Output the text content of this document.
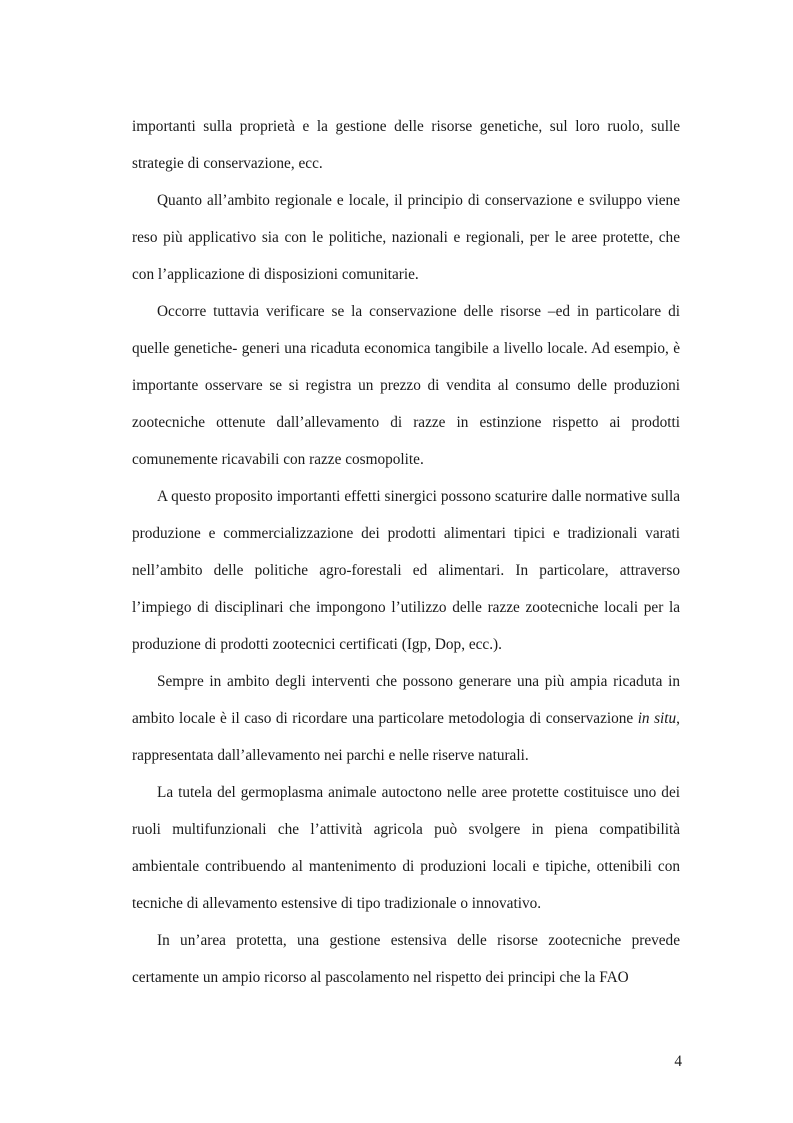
importanti sulla proprietà e la gestione delle risorse genetiche, sul loro ruolo, sulle strategie di conservazione, ecc.

Quanto all’ambito regionale e locale, il principio di conservazione e sviluppo viene reso più applicativo sia con le politiche, nazionali e regionali, per le aree protette, che con l’applicazione di disposizioni comunitarie.

Occorre tuttavia verificare se la conservazione delle risorse –ed in particolare di quelle genetiche- generi una ricaduta economica tangibile a livello locale. Ad esempio, è importante osservare se si registra un prezzo di vendita al consumo delle produzioni zootecniche ottenute dall’allevamento di razze in estinzione rispetto ai prodotti comunemente ricavabili con razze cosmopolite.

A questo proposito importanti effetti sinergici possono scaturire dalle normative sulla produzione e commercializzazione dei prodotti alimentari tipici e tradizionali varati nell’ambito delle politiche agro-forestali ed alimentari. In particolare, attraverso l’impiego di disciplinari che impongono l’utilizzo delle razze zootecniche locali per la produzione di prodotti zootecnici certificati (Igp, Dop, ecc.).

Sempre in ambito degli interventi che possono generare una più ampia ricaduta in ambito locale è il caso di ricordare una particolare metodologia di conservazione in situ, rappresentata dall’allevamento nei parchi e nelle riserve naturali.

La tutela del germoplasma animale autoctono nelle aree protette costituisce uno dei ruoli multifunzionali che l’attività agricola può svolgere in piena compatibilità ambientale contribuendo al mantenimento di produzioni locali e tipiche, ottenibili con tecniche di allevamento estensive di tipo tradizionale o innovativo.

In un’area protetta, una gestione estensiva delle risorse zootecniche prevede certamente un ampio ricorso al pascolamento nel rispetto dei principi che la FAO

4
